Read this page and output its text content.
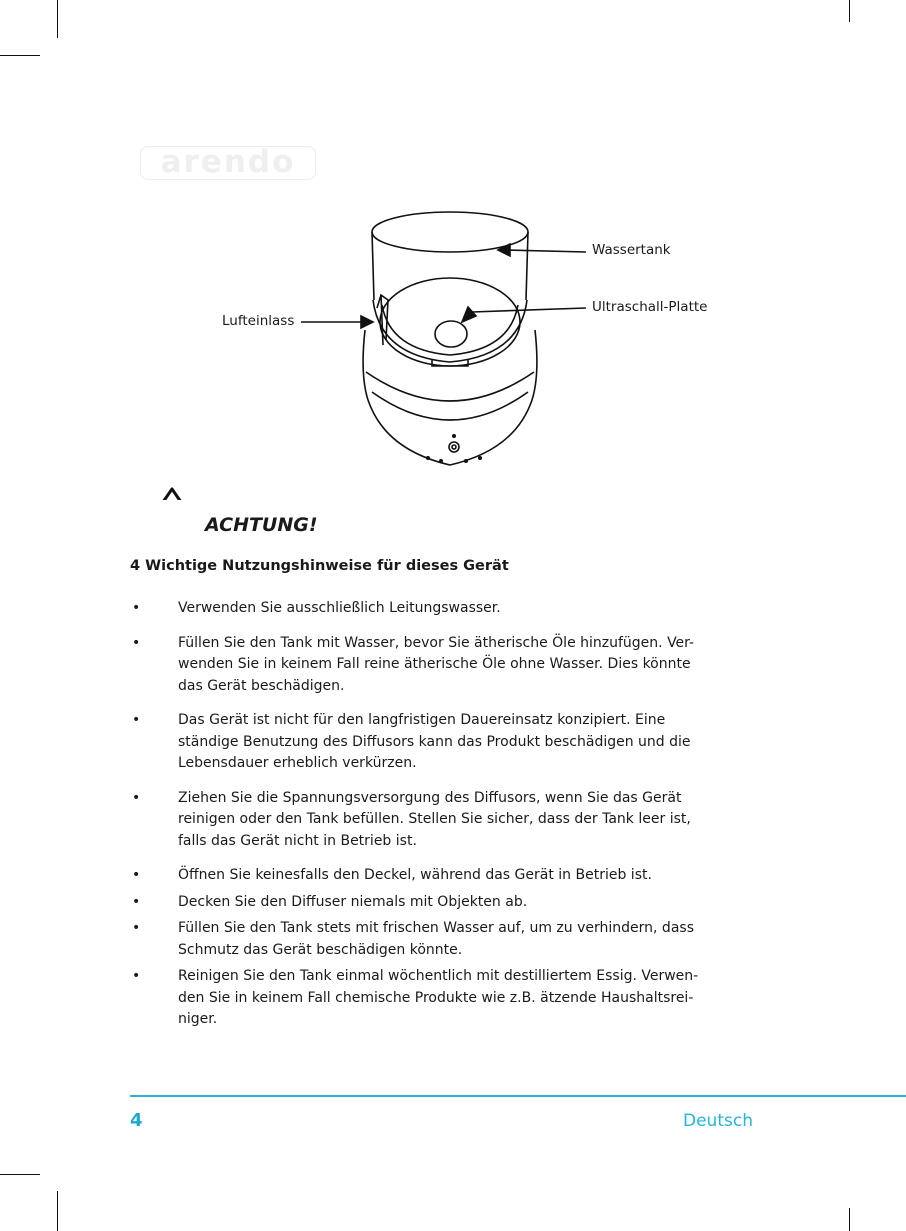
arendo
Wassertank
Ultraschall-Platte
Lufteinlass
ACHTUNG!
4 Wichtige Nutzungshinweise für dieses Gerät
•	Verwenden Sie ausschließlich Leitungswasser.
•	Füllen Sie den Tank mit Wasser, bevor Sie ätherische Öle hinzufügen. Ver-
wenden Sie in keinem Fall reine ätherische Öle ohne Wasser. Dies könnte
das Gerät beschädigen.
•	Das Gerät ist nicht für den langfristigen Dauereinsatz konzipiert. Eine
ständige Benutzung des Diffusors kann das Produkt beschädigen und die
Lebensdauer erheblich verkürzen.
•	Ziehen Sie die Spannungsversorgung des Diffusors, wenn Sie das Gerät
reinigen oder den Tank befüllen. Stellen Sie sicher, dass der Tank leer ist,
falls das Gerät nicht in Betrieb ist.
•	Öffnen Sie keinesfalls den Deckel, während das Gerät in Betrieb ist.
•	Decken Sie den Diffuser niemals mit Objekten ab.
•	Füllen Sie den Tank stets mit frischen Wasser auf, um zu verhindern, dass
Schmutz das Gerät beschädigen könnte.
•	Reinigen Sie den Tank einmal wöchentlich mit destilliertem Essig. Verwen-
den Sie in keinem Fall chemische Produkte wie z.B. ätzende Haushaltsrei-
niger.
4	Deutsch
